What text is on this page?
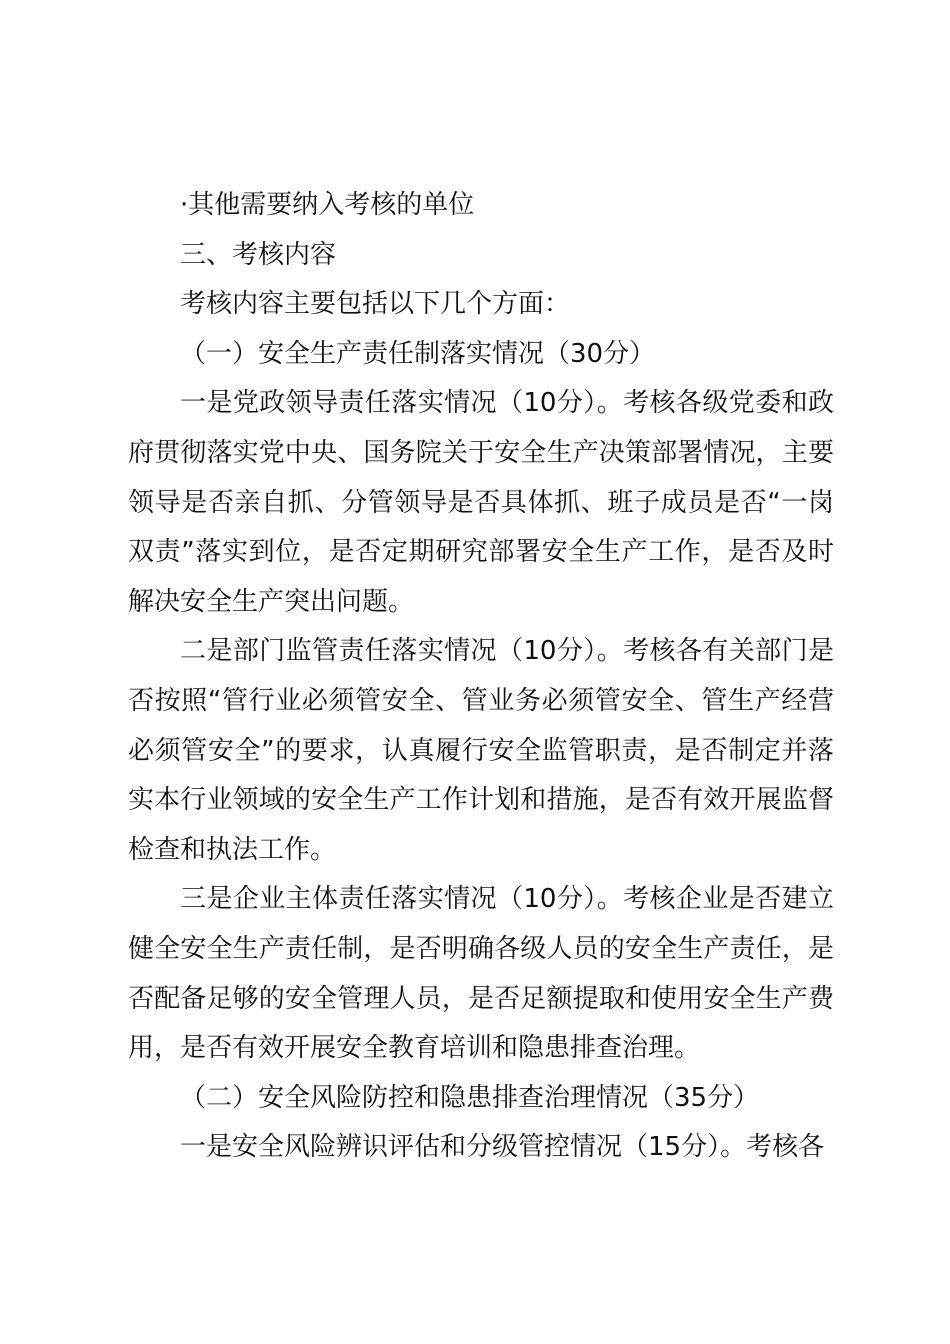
·其他需要纳入考核的单位

三、考核内容

考核内容主要包括以下几个方面：

（一）安全生产责任制落实情况（30分）

一是党政领导责任落实情况（10分）。考核各级党委和政府贯彻落实党中央、国务院关于安全生产决策部署情况，主要领导是否亲自抓、分管领导是否具体抓、班子成员是否“一岗双责”落实到位，是否定期研究部署安全生产工作，是否及时解决安全生产突出问题。

二是部门监管责任落实情况（10分）。考核各有关部门是否按照“管行业必须管安全、管业务必须管安全、管生产经营必须管安全”的要求，认真履行安全监管职责，是否制定并落实本行业领域的安全生产工作计划和措施，是否有效开展监督检查和执法工作。

三是企业主体责任落实情况（10分）。考核企业是否建立健全安全生产责任制，是否明确各级人员的安全生产责任，是否配备足够的安全管理人员，是否足额提取和使用安全生产费用，是否有效开展安全教育培训和隐患排查治理。

（二）安全风险防控和隐患排查治理情况（35分）

一是安全风险辨识评估和分级管控情况（15分）。考核各
